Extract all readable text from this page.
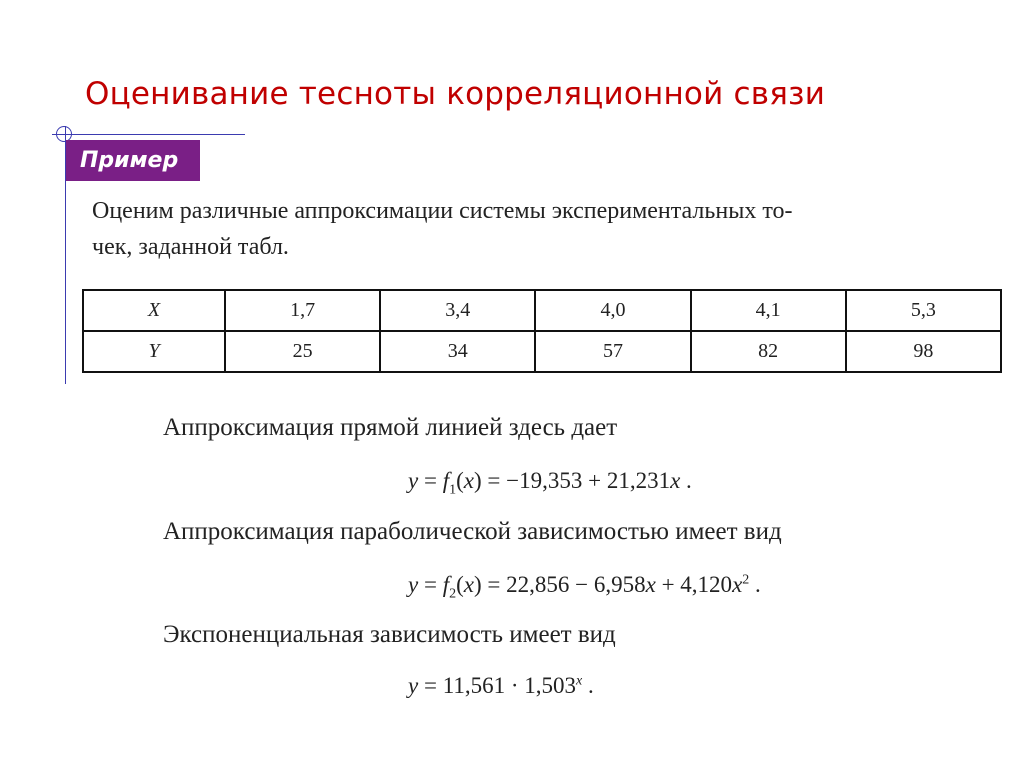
Оценивание тесноты корреляционной связи
Пример
Оценим различные аппроксимации системы экспериментальных то-
чек, заданной табл.
X	1,7	3,4	4,0	4,1	5,3
Y	25	34	57	82	98
Аппроксимация прямой линией здесь дает
$y = f_1(x) = -19,353 + 21,231x$ .
Аппроксимация параболической зависимостью имеет вид
$y = f_2(x) = 22,856 - 6,958x + 4,120x^2$ .
Экспоненциальная зависимость имеет вид
$y = 11,561 \cdot 1,503^x$ .
